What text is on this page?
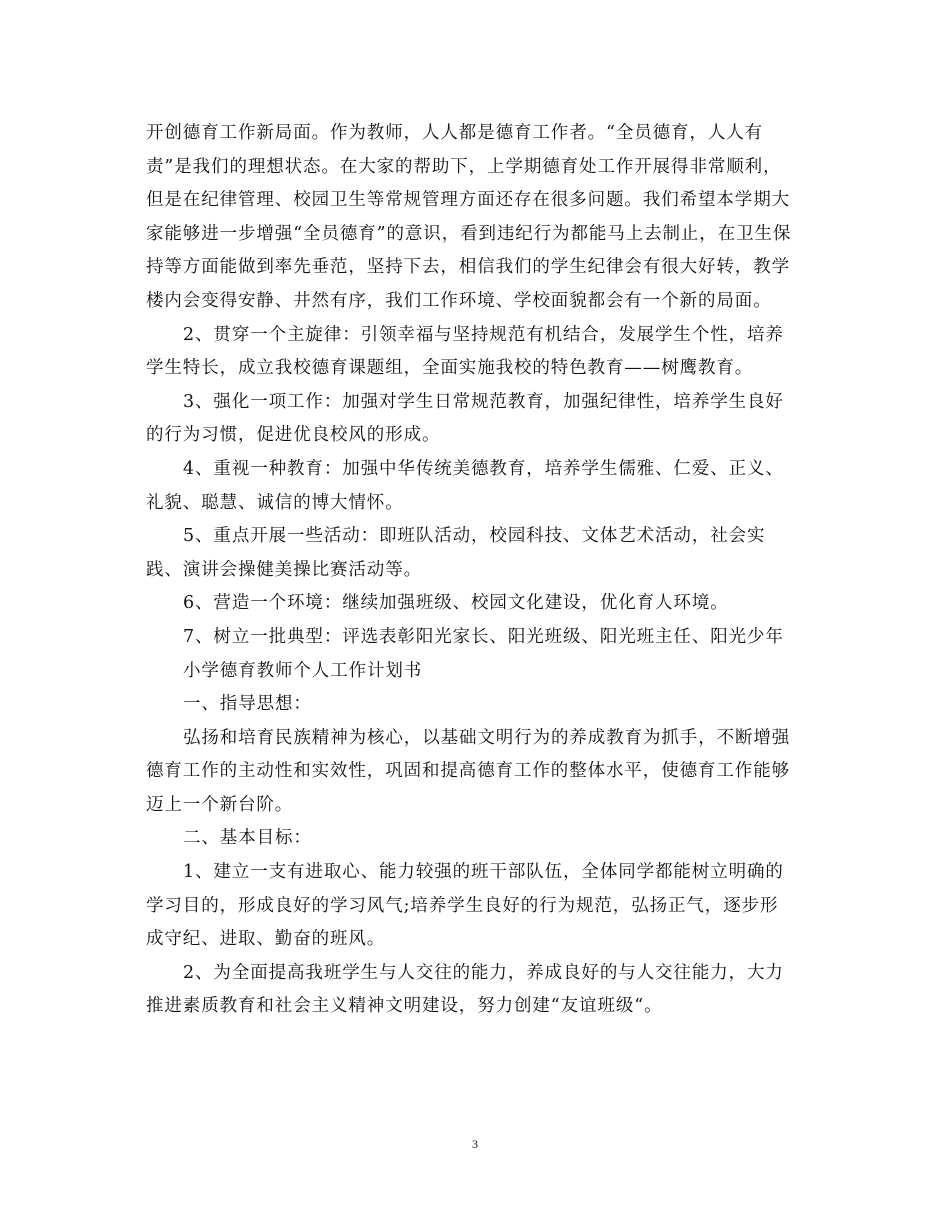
开创德育工作新局面。作为教师，人人都是德育工作者。“全员德育，人人有
责”是我们的理想状态。在大家的帮助下，上学期德育处工作开展得非常顺利，
但是在纪律管理、校园卫生等常规管理方面还存在很多问题。我们希望本学期大
家能够进一步增强“全员德育”的意识，看到违纪行为都能马上去制止，在卫生保
持等方面能做到率先垂范，坚持下去，相信我们的学生纪律会有很大好转，教学
楼内会变得安静、井然有序，我们工作环境、学校面貌都会有一个新的局面。
2、贯穿一个主旋律：引领幸福与坚持规范有机结合，发展学生个性，培养
学生特长，成立我校德育课题组，全面实施我校的特色教育——树鹰教育。
3、强化一项工作：加强对学生日常规范教育，加强纪律性，培养学生良好
的行为习惯，促进优良校风的形成。
4、重视一种教育：加强中华传统美德教育，培养学生儒雅、仁爱、正义、
礼貌、聪慧、诚信的博大情怀。
5、重点开展一些活动：即班队活动，校园科技、文体艺术活动，社会实
践、演讲会操健美操比赛活动等。
6、营造一个环境：继续加强班级、校园文化建设，优化育人环境。
7、树立一批典型：评选表彰阳光家长、阳光班级、阳光班主任、阳光少年
小学德育教师个人工作计划书
一、指导思想：
弘扬和培育民族精神为核心，以基础文明行为的养成教育为抓手，不断增强
德育工作的主动性和实效性，巩固和提高德育工作的整体水平，使德育工作能够
迈上一个新台阶。
二、基本目标：
1、建立一支有进取心、能力较强的班干部队伍，全体同学都能树立明确的
学习目的，形成良好的学习风气;培养学生良好的行为规范，弘扬正气，逐步形
成守纪、进取、勤奋的班风。
2、为全面提高我班学生与人交往的能力，养成良好的与人交往能力，大力
推进素质教育和社会主义精神文明建设，努力创建“友谊班级“。
3
